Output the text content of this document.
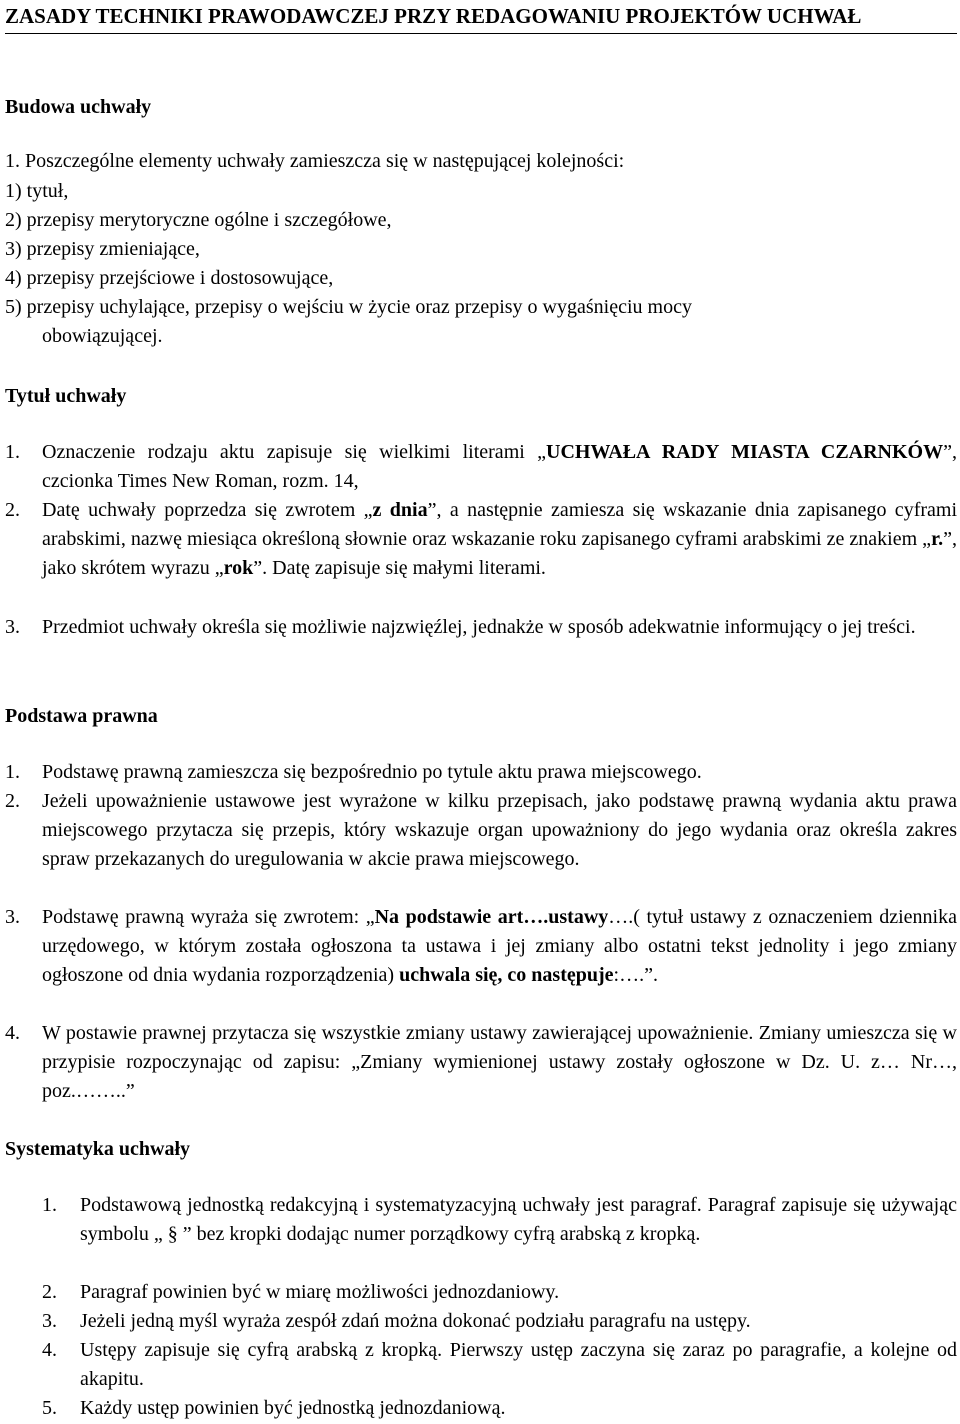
ZASADY TECHNIKI PRAWODAWCZEJ PRZY REDAGOWANIU PROJEKTÓW UCHWAŁ
Budowa uchwały

1. Poszczególne elementy uchwały zamieszcza się w następującej kolejności:

1) tytuł,

2) przepisy merytoryczne ogólne i szczegółowe,

3) przepisy zmieniające,

4) przepisy przejściowe i dostosowujące,

5) przepisy uchylające, przepisy o wejściu w życie oraz przepisy o wygaśnięciu mocy

obowiązującej.

Tytuł uchwały
1. Oznaczenie rodzaju aktu zapisuje się wielkimi literami „UCHWAŁA RADY MIASTA CZARNKÓW”, czcionka Times New Roman, rozm. 14,

2. Datę uchwały poprzedza się zwrotem „z dnia”, a następnie zamiesza się wskazanie dnia zapisanego cyframi arabskimi, nazwę miesiąca określoną słownie oraz wskazanie roku zapisanego cyframi arabskimi ze znakiem „r.”, jako skrótem wyrazu „rok”. Datę zapisuje się małymi literami.

3. Przedmiot uchwały określa się możliwie najzwięźlej, jednakże w sposób adekwatnie informujący o jej treści.

Podstawa prawna
1. Podstawę prawną zamieszcza się bezpośrednio po tytule aktu prawa miejscowego.

2. Jeżeli upoważnienie ustawowe jest wyrażone w kilku przepisach, jako podstawę prawną wydania aktu prawa miejscowego przytacza się przepis, który wskazuje organ upoważniony do jego wydania oraz określa zakres spraw przekazanych do uregulowania w akcie prawa miejscowego.

3. Podstawę prawną wyraża się zwrotem: „Na podstawie art….ustawy….( tytuł ustawy z oznaczeniem dziennika urzędowego, w którym została ogłoszona ta ustawa i jej zmiany albo ostatni tekst jednolity i jego zmiany ogłoszone od dnia wydania rozporządzenia) uchwala się, co następuje:….”.

4. W postawie prawnej przytacza się wszystkie zmiany ustawy zawierającej upoważnienie. Zmiany umieszcza się w przypisie rozpoczynając od zapisu: „Zmiany wymienionej ustawy zostały ogłoszone w Dz. U. z… Nr…, poz.……..”

Systematyka uchwały
1. Podstawową jednostką redakcyjną i systematyzacyjną uchwały jest paragraf. Paragraf zapisuje się używając symbolu „ § ” bez kropki dodając numer porządkowy cyfrą arabską z kropką.

2. Paragraf powinien być w miarę możliwości jednozdaniowy.

3. Jeżeli jedną myśl wyraża zespół zdań można dokonać podziału paragrafu na ustępy.

4. Ustępy zapisuje się cyfrą arabską z kropką. Pierwszy ustęp zaczyna się zaraz po paragrafie, a kolejne od akapitu.

5. Każdy ustęp powinien być jednostką jednozdaniową.
